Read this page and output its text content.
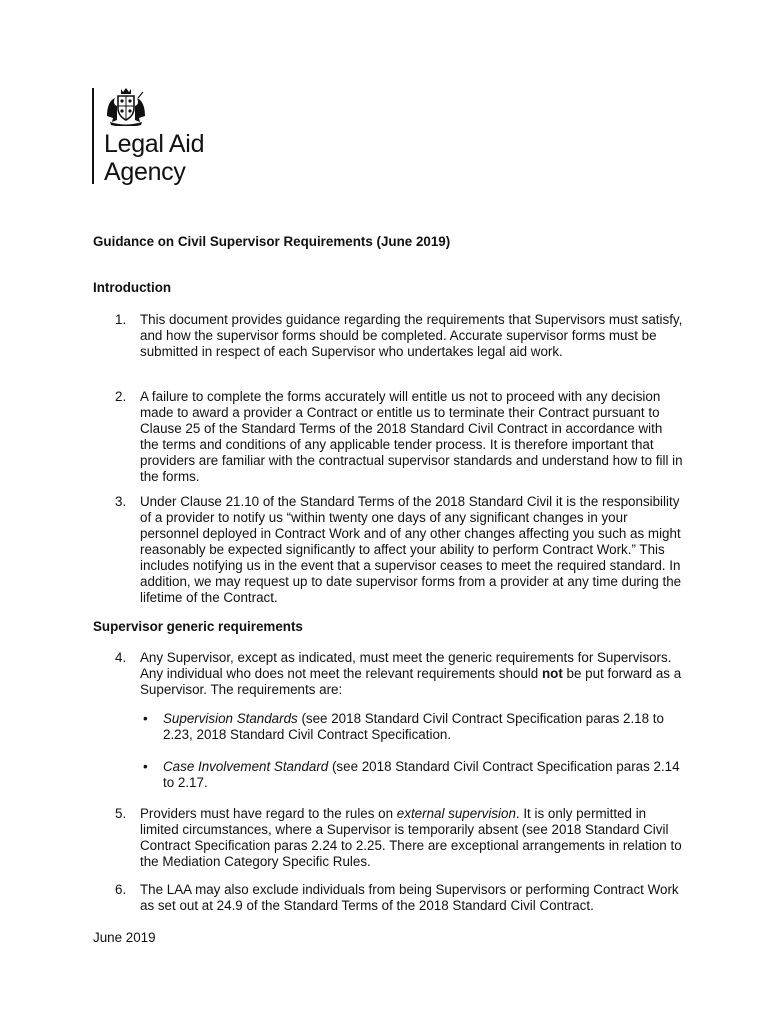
Legal Aid
Agency
Guidance on Civil Supervisor Requirements (June 2019)
Introduction
1. This document provides guidance regarding the requirements that Supervisors must satisfy, and how the supervisor forms should be completed. Accurate supervisor forms must be submitted in respect of each Supervisor who undertakes legal aid work.
2. A failure to complete the forms accurately will entitle us not to proceed with any decision made to award a provider a Contract or entitle us to terminate their Contract pursuant to Clause 25 of the Standard Terms of the 2018 Standard Civil Contract in accordance with the terms and conditions of any applicable tender process. It is therefore important that providers are familiar with the contractual supervisor standards and understand how to fill in the forms.
3. Under Clause 21.10 of the Standard Terms of the 2018 Standard Civil it is the responsibility of a provider to notify us “within twenty one days of any significant changes in your personnel deployed in Contract Work and of any other changes affecting you such as might reasonably be expected significantly to affect your ability to perform Contract Work.” This includes notifying us in the event that a supervisor ceases to meet the required standard. In addition, we may request up to date supervisor forms from a provider at any time during the lifetime of the Contract.
Supervisor generic requirements
4. Any Supervisor, except as indicated, must meet the generic requirements for Supervisors. Any individual who does not meet the relevant requirements should not be put forward as a Supervisor. The requirements are:
• Supervision Standards (see 2018 Standard Civil Contract Specification paras 2.18 to 2.23, 2018 Standard Civil Contract Specification.
• Case Involvement Standard (see 2018 Standard Civil Contract Specification paras 2.14 to 2.17.
5. Providers must have regard to the rules on external supervision. It is only permitted in limited circumstances, where a Supervisor is temporarily absent (see 2018 Standard Civil Contract Specification paras 2.24 to 2.25. There are exceptional arrangements in relation to the Mediation Category Specific Rules.
6. The LAA may also exclude individuals from being Supervisors or performing Contract Work as set out at 24.9 of the Standard Terms of the 2018 Standard Civil Contract.
June 2019
